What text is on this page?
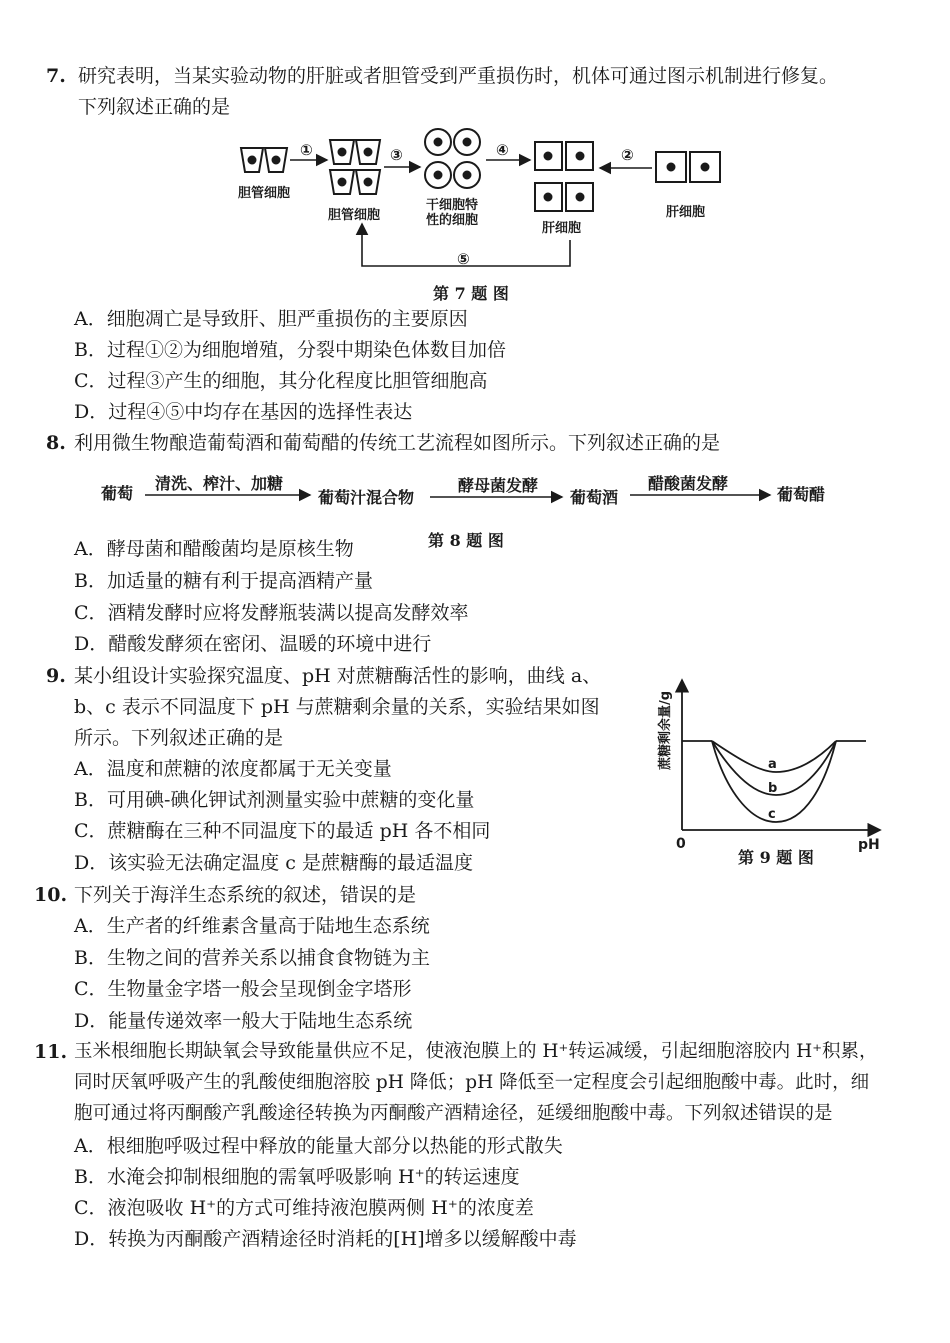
7. 研究表明，当某实验动物的肝脏或者胆管受到严重损伤时，机体可通过图示机制进行修复。
下列叙述正确的是
胆管细胞
①
胆管细胞
③
干细胞特
性的细胞
④
肝细胞
②
肝细胞
⑤
第 7 题 图
A．细胞凋亡是导致肝、胆严重损伤的主要原因
B．过程①②为细胞增殖，分裂中期染色体数目加倍
C．过程③产生的细胞，其分化程度比胆管细胞高
D．过程④⑤中均存在基因的选择性表达
8. 利用微生物酿造葡萄酒和葡萄醋的传统工艺流程如图所示。下列叙述正确的是
葡萄
清洗、榨汁、加糖
葡萄汁混合物
酵母菌发酵
葡萄酒
醋酸菌发酵
葡萄醋
A．酵母菌和醋酸菌均是原核生物	第 8 题 图
B．加适量的糖有利于提高酒精产量
C．酒精发酵时应将发酵瓶装满以提高发酵效率
D．醋酸发酵须在密闭、温暖的环境中进行
9. 某小组设计实验探究温度、pH 对蔗糖酶活性的影响，曲线 a、
b、c 表示不同温度下 pH 与蔗糖剩余量的关系，实验结果如图
所示。下列叙述正确的是
A．温度和蔗糖的浓度都属于无关变量
B．可用碘-碘化钾试剂测量实验中蔗糖的变化量
C．蔗糖酶在三种不同温度下的最适 pH 各不相同
D．该实验无法确定温度 c 是蔗糖酶的最适温度
蔗糖剩余量/g
0	pH
a
b
c
第 9 题 图
10. 下列关于海洋生态系统的叙述，错误的是
A．生产者的纤维素含量高于陆地生态系统
B．生物之间的营养关系以捕食食物链为主
C．生物量金字塔一般会呈现倒金字塔形
D．能量传递效率一般大于陆地生态系统
11. 玉米根细胞长期缺氧会导致能量供应不足，使液泡膜上的 H⁺转运减缓，引起细胞溶胶内 H⁺积累，
同时厌氧呼吸产生的乳酸使细胞溶胶 pH 降低；pH 降低至一定程度会引起细胞酸中毒。此时，细
胞可通过将丙酮酸产乳酸途径转换为丙酮酸产酒精途径，延缓细胞酸中毒。下列叙述错误的是
A．根细胞呼吸过程中释放的能量大部分以热能的形式散失
B．水淹会抑制根细胞的需氧呼吸影响 H⁺的转运速度
C．液泡吸收 H⁺的方式可维持液泡膜两侧 H⁺的浓度差
D．转换为丙酮酸产酒精途径时消耗的[H]增多以缓解酸中毒
